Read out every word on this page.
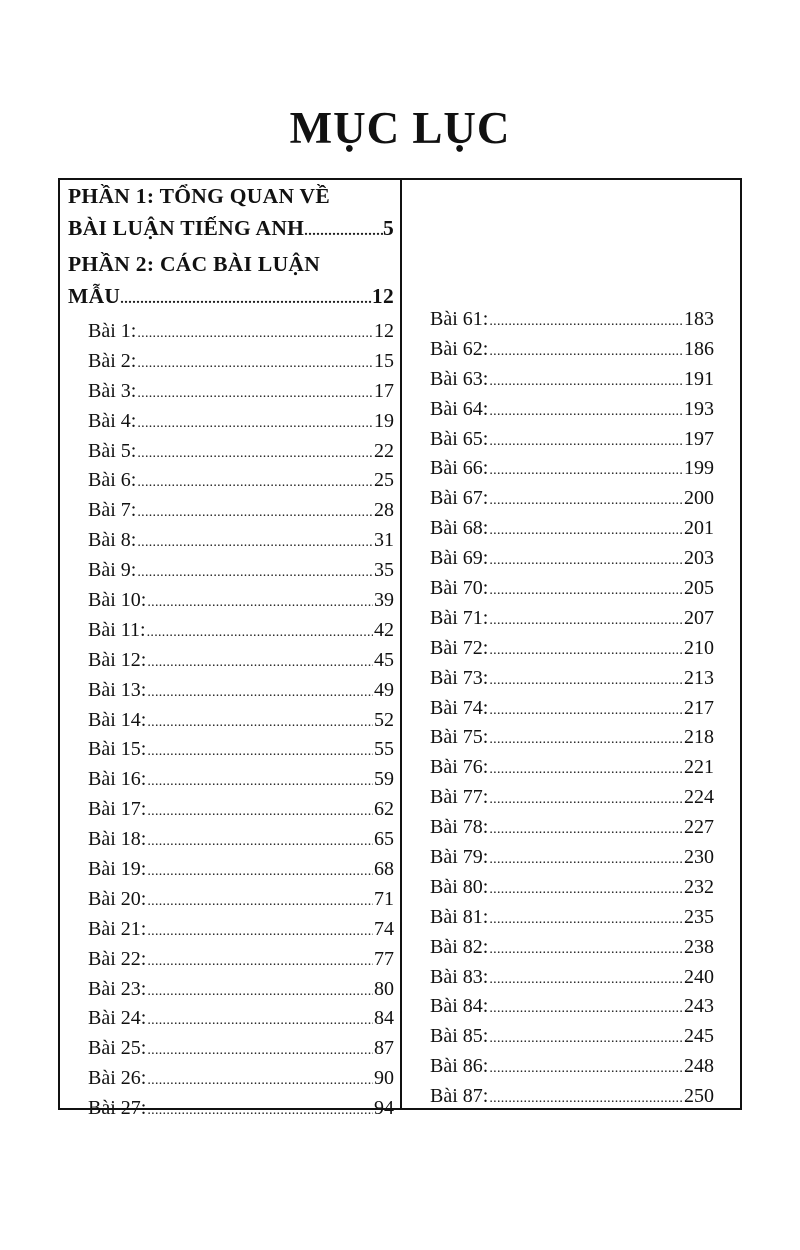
MỤC LỤC
PHẦN 1: TỔNG QUAN VỀ
BÀI LUẬN TIẾNG ANH .....	5
PHẦN 2: CÁC BÀI LUẬN
MẪU .....	12
Bài 1: .....	12
Bài 2: .....	15
Bài 3: .....	17
Bài 4: .....	19
Bài 5: .....	22
Bài 6: .....	25
Bài 7: .....	28
Bài 8: .....	31
Bài 9: .....	35
Bài 10: .....	39
Bài 11: .....	42
Bài 12: .....	45
Bài 13: .....	49
Bài 14: .....	52
Bài 15: .....	55
Bài 16: .....	59
Bài 17: .....	62
Bài 18: .....	65
Bài 19: .....	68
Bài 20: .....	71
Bài 21: .....	74
Bài 22: .....	77
Bài 23: .....	80
Bài 24: .....	84
Bài 25: .....	87
Bài 26: .....	90
Bài 27: .....	94
Bài 61: .....	183
Bài 62: .....	186
Bài 63: .....	191
Bài 64: .....	193
Bài 65: .....	197
Bài 66: .....	199
Bài 67: .....	200
Bài 68: .....	201
Bài 69: .....	203
Bài 70: .....	205
Bài 71: .....	207
Bài 72: .....	210
Bài 73: .....	213
Bài 74: .....	217
Bài 75: .....	218
Bài 76: .....	221
Bài 77: .....	224
Bài 78: .....	227
Bài 79: .....	230
Bài 80: .....	232
Bài 81: .....	235
Bài 82: .....	238
Bài 83: .....	240
Bài 84: .....	243
Bài 85: .....	245
Bài 86: .....	248
Bài 87: .....	250
